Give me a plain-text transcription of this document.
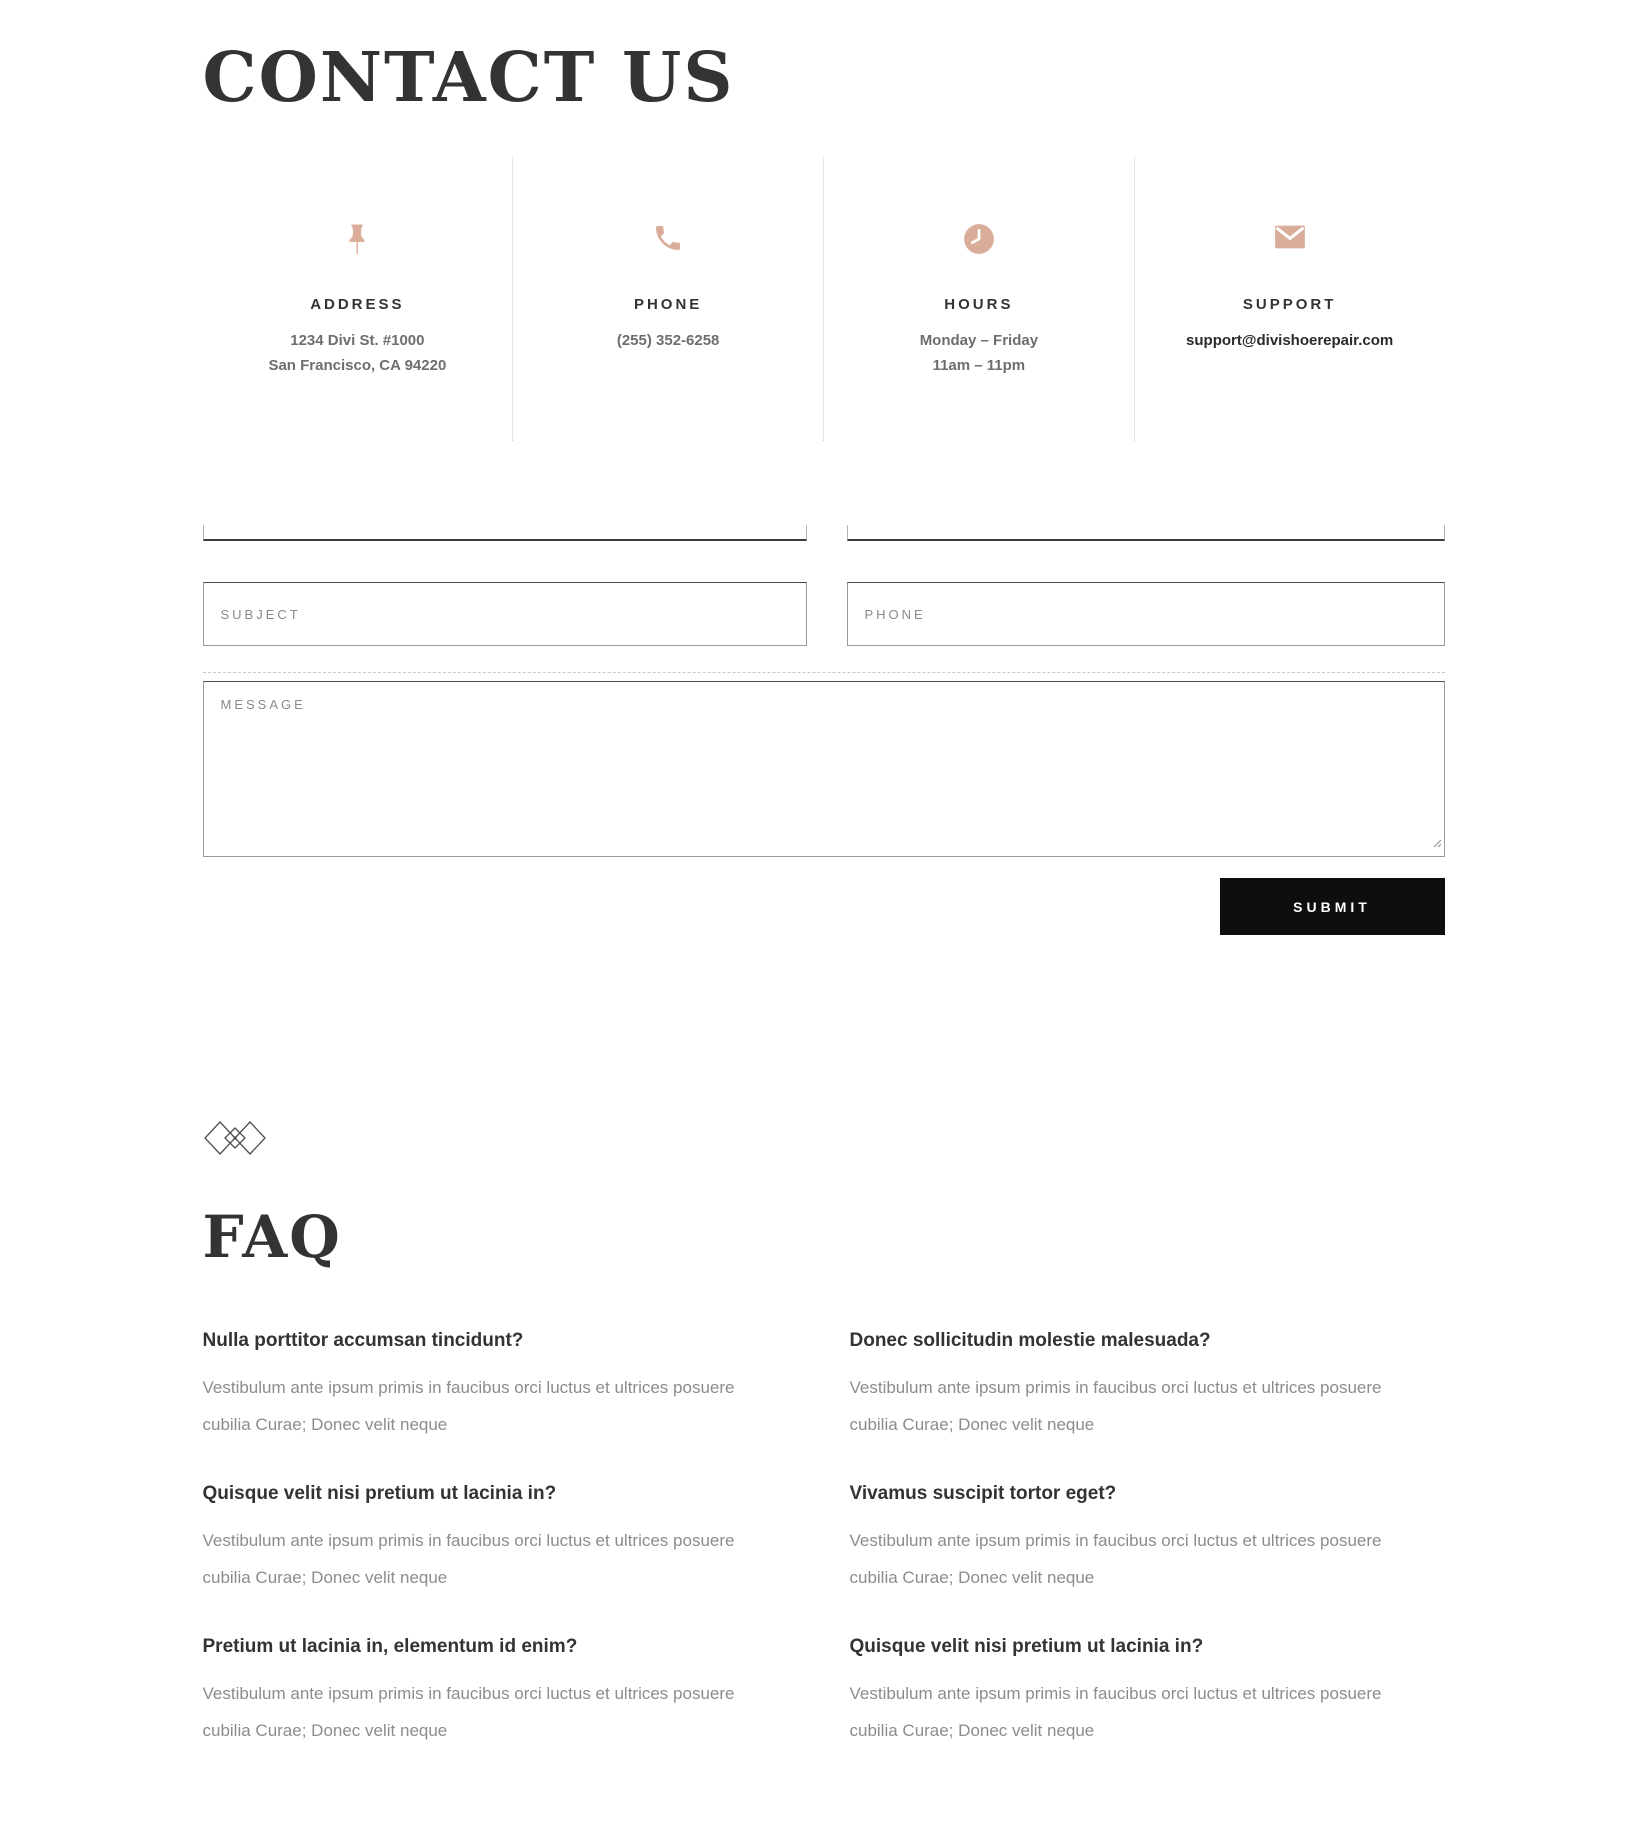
CONTACT US
ADDRESS
1234 Divi St. #1000
San Francisco, CA 94220
PHONE
(255) 352-6258
HOURS
Monday – Friday
11am – 11pm
SUPPORT
support@divishoerepair.com
SUBJECT
PHONE
MESSAGE
SUBMIT
FAQ
Nulla porttitor accumsan tincidunt?
Vestibulum ante ipsum primis in faucibus orci luctus et ultrices posuere cubilia Curae; Donec velit neque
Donec sollicitudin molestie malesuada?
Vestibulum ante ipsum primis in faucibus orci luctus et ultrices posuere cubilia Curae; Donec velit neque
Quisque velit nisi pretium ut lacinia in?
Vestibulum ante ipsum primis in faucibus orci luctus et ultrices posuere cubilia Curae; Donec velit neque
Vivamus suscipit tortor eget?
Vestibulum ante ipsum primis in faucibus orci luctus et ultrices posuere cubilia Curae; Donec velit neque
Pretium ut lacinia in, elementum id enim?
Vestibulum ante ipsum primis in faucibus orci luctus et ultrices posuere cubilia Curae; Donec velit neque
Quisque velit nisi pretium ut lacinia in?
Vestibulum ante ipsum primis in faucibus orci luctus et ultrices posuere cubilia Curae; Donec velit neque
